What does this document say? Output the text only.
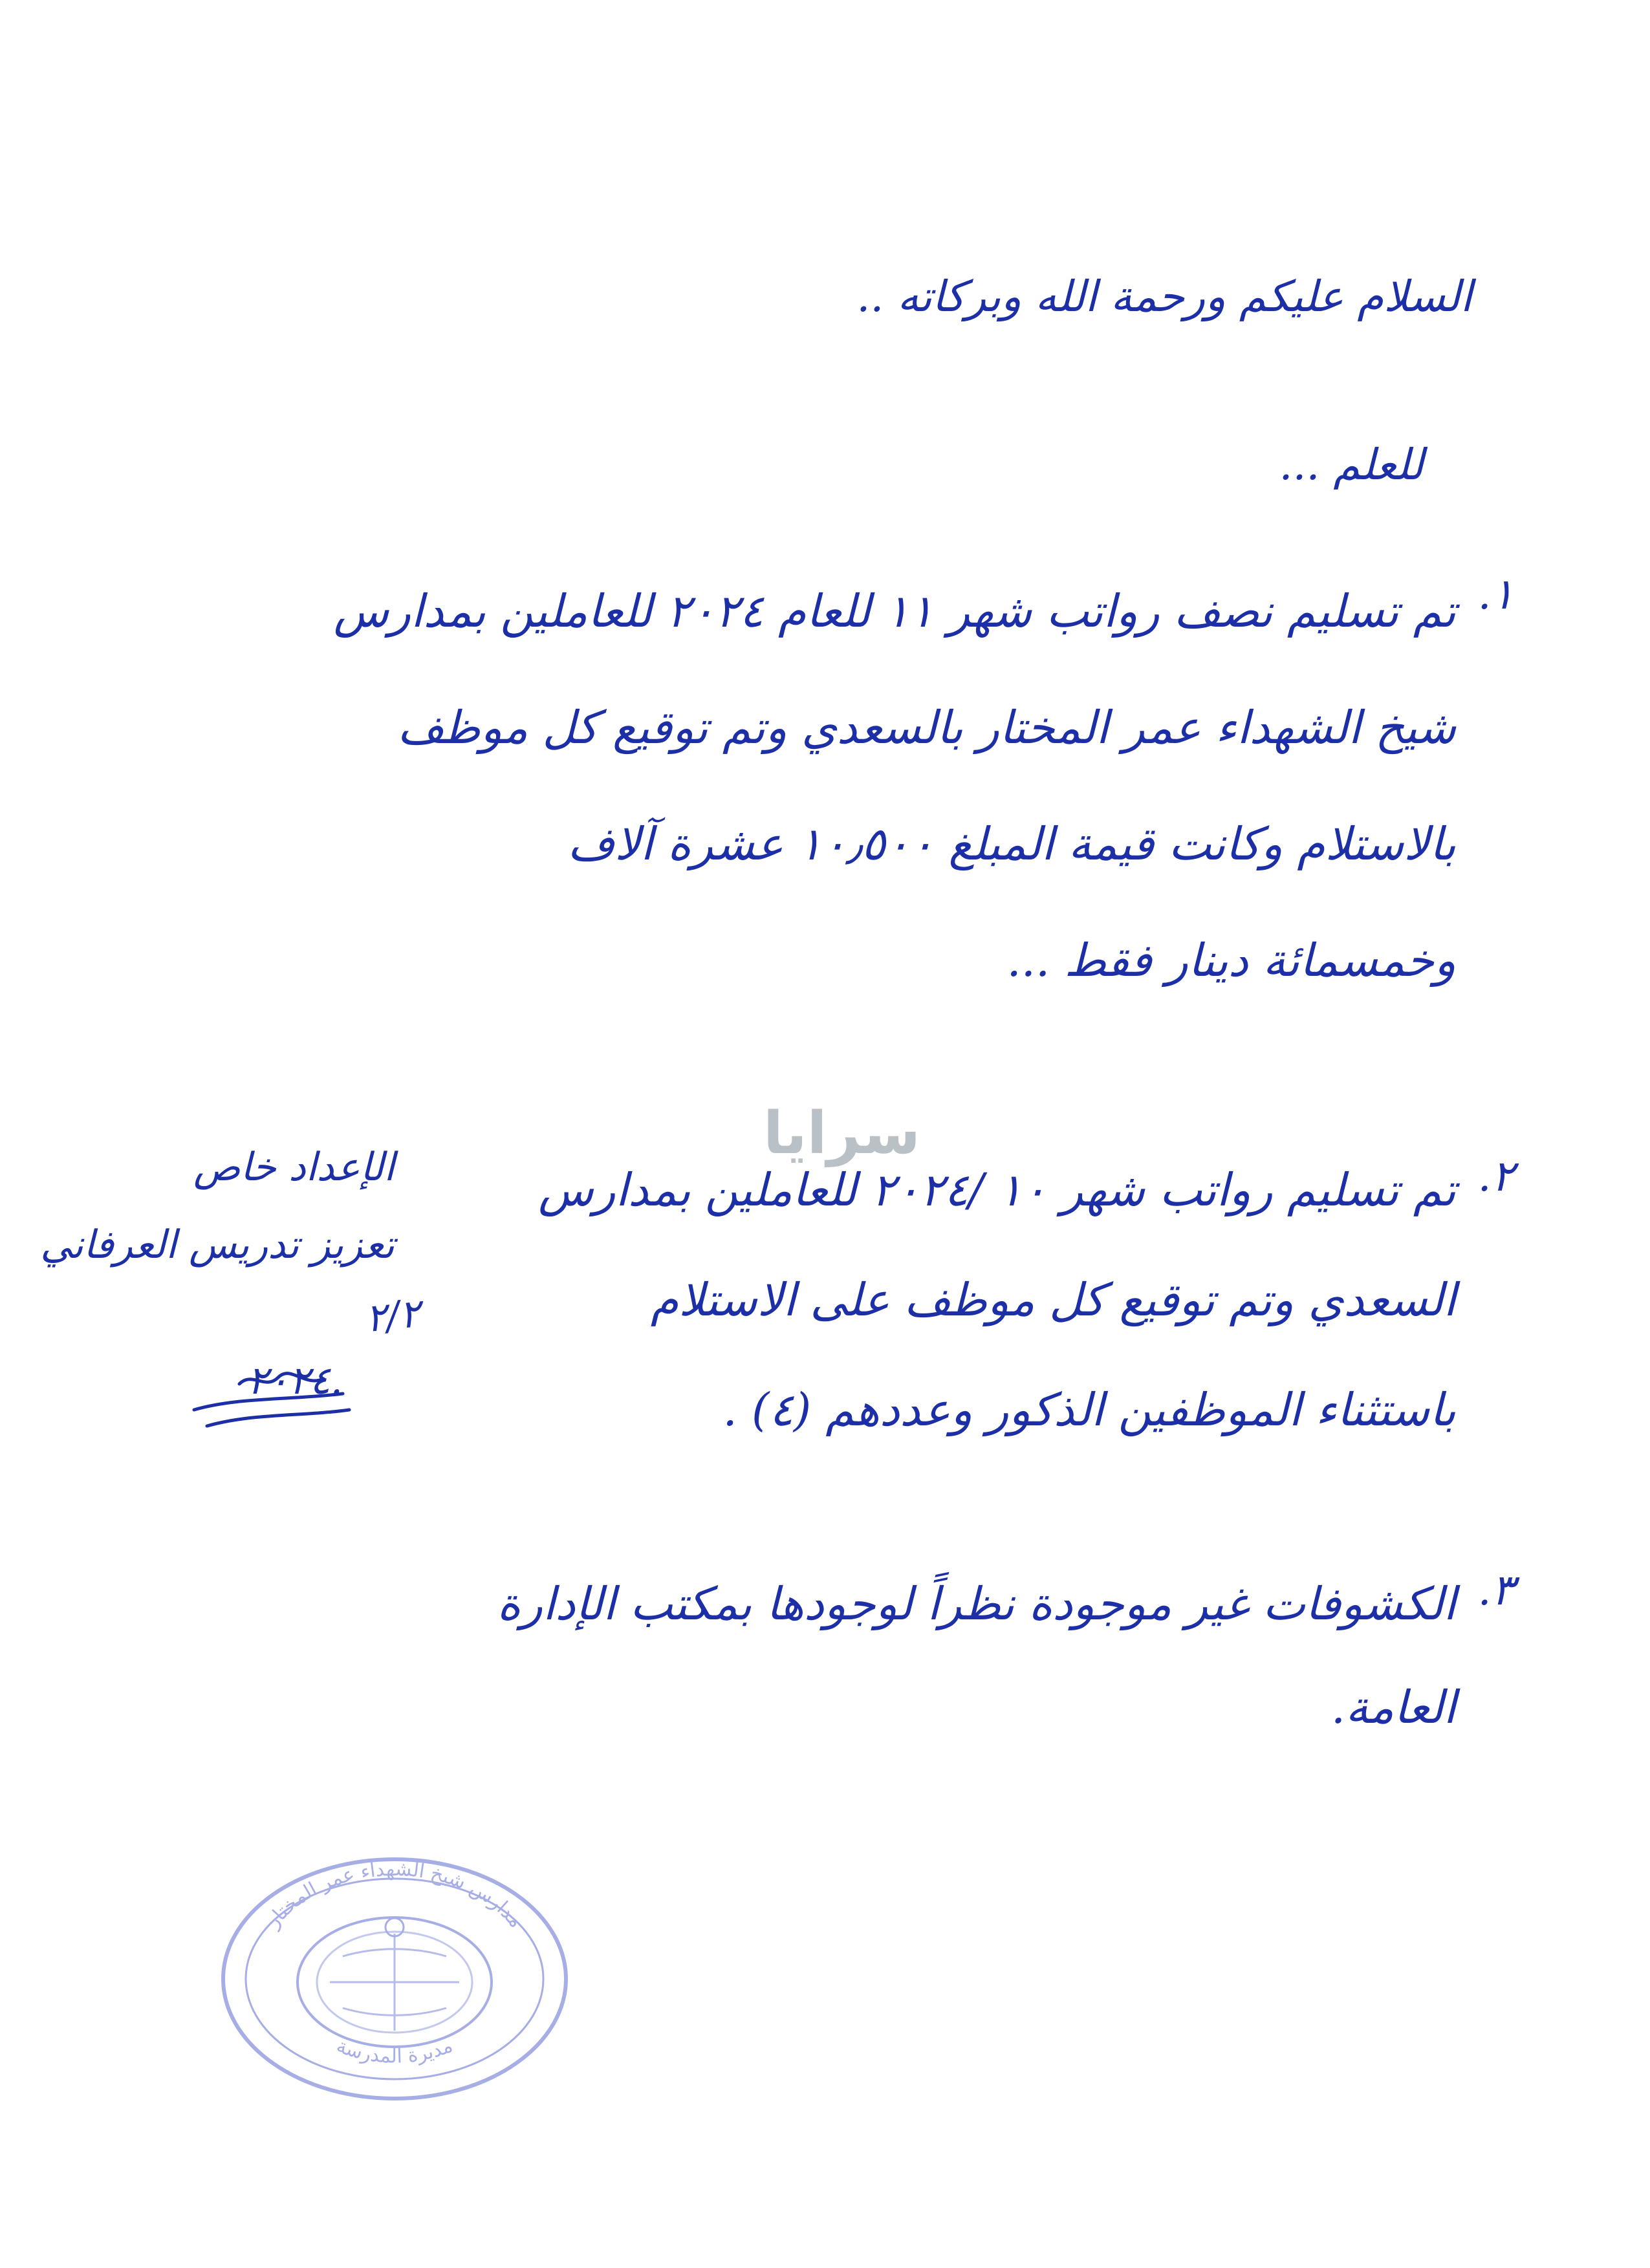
السلام عليكم ورحمة الله وبركاته ..
للعلم ...
١.
تم تسليم نصف رواتب شهر ١١ للعام ٢٠٢٤ للعاملين بمدارس
شيخ الشهداء عمر المختار بالسعدي وتم توقيع كل موظف
بالاستلام وكانت قيمة المبلغ ١٠٫٥٠٠ عشرة آلاف
وخمسمائة دينار فقط ...
٢.
تم تسليم رواتب شهر ١٠ /٢٠٢٤ للعاملين بمدارس
السعدي وتم توقيع كل موظف على الاستلام
باستثناء الموظفين الذكور وعددهم (٤) .
٣.
الكشوفات غير موجودة نظراً لوجودها بمكتب الإدارة
العامة.
الإعداد خاص
تعزيز تدريس العرفاني
٢/٢
٢٠٢٤.
سرايا
مدارس شيخ الشهداء عمر المختار
مديرة المدرسة
